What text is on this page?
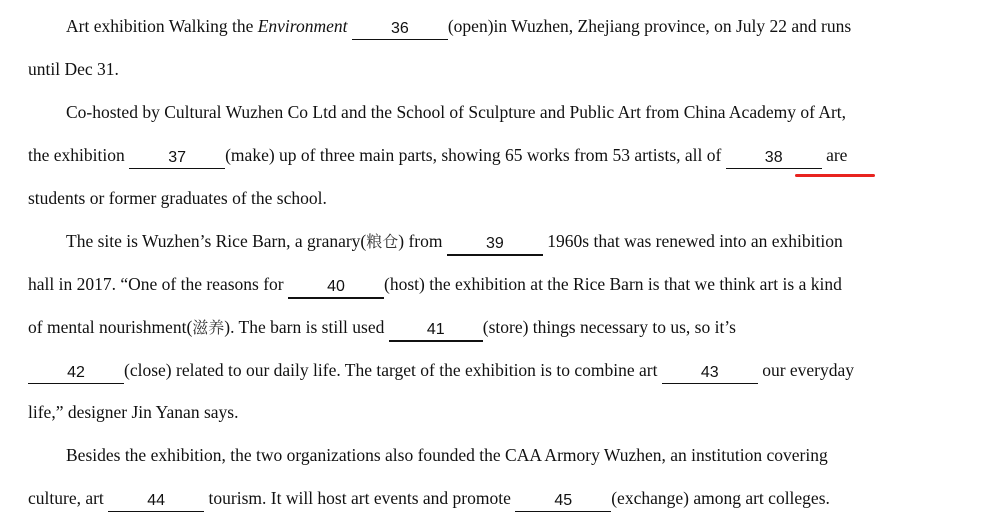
Art exhibition Walking the Environment	36 (open)in Wuzhen, Zhejiang province, on July 22 and runs
until Dec 31.
Co-hosted by Cultural Wuzhen Co Ltd and the School of Sculpture and Public Art from China Academy of Art,
the exhibition 37 (make) up of three main parts, showing 65 works from 53 artists, all of 38 are
students or former graduates of the school.
The site is Wuzhen’s Rice Barn, a granary(粮仓) from 39 1960s that was renewed into an exhibition
hall in 2017. “One of the reasons for 40 (host) the exhibition at the Rice Barn is that we think art is a kind
of mental nourishment(滋养). The barn is still used 41 (store) things necessary to us, so it’s
42 (close) related to our daily life. The target of the exhibition is to combine art 43 our everyday
life,” designer Jin Yanan says.
Besides the exhibition, the two organizations also founded the CAA Armory Wuzhen, an institution covering
culture, art 44 tourism. It will host art events and promote 45 (exchange) among art colleges.
